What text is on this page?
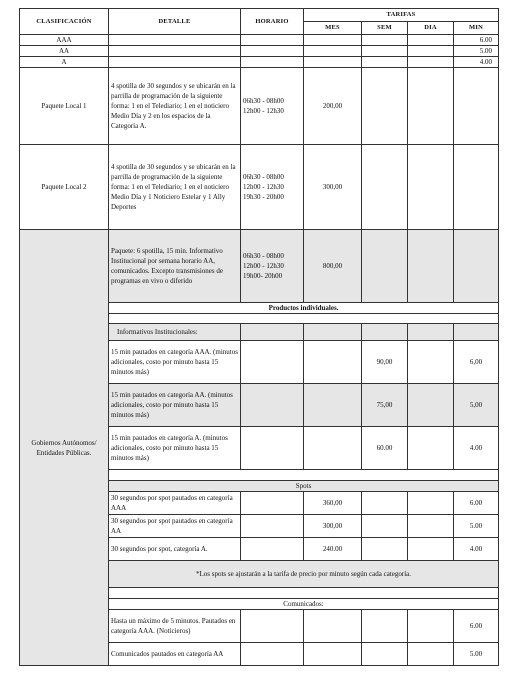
CLASIFICACIÓN	DETALLE	HORARIO	TARIFAS			
			MES	SEM	DIA	MIN
AAA						6.00
AA						5.00
A						4.00
Paquete Local 1	4 spotilla de 30 segundos y se ubicarán en la parrilla de programación de la siguiente forma: 1 en el Telediario; 1 en el noticiero Medio Día y 2 en los espacios de la Categoría A.	06h30 - 08h00
12h00 - 12h30	200,00			
Paquete Local 2	4 spotilla de 30 segundos y se ubicarán en la parrilla de programación de la siguiente forma: 1 en el Telediario; 1 en el noticiero Medio Día y 1 Noticiero Estelar y 1 Ally Deportes	06h30 - 08h00
12h00 - 12h30
19h30 - 20h00	300,00			
Gobiernos Autónomos/ Entidades Públicas.	Paquete: 6 spotilla, 15 min. Informativo Institucional por semana horario AA, comunicados. Excepto transmisiones de programas en vivo o diferido	06h30 - 08h00
12h00 - 12h30
19h00- 20h00	800,00			
	Productos individuales.					

	Informativos Institucionales:					
	15 min pautados en categoría AAA. (minutos adicionales, costo por minuto hasta 15 minutos más)			90,00		6,00
	15 min pautados en categoría AA. (minutos adicionales, costo por minuto hasta 15 minutos más)			75,00		5,00
	15 min pautados en categoría A. (minutos adicionales, costo por minuto hasta 15 minutos más)			60.00		4.00

	Spots					
	30 segundos por spot pautados en categoría AAA		360,00			6.00
	30 segundos por spot pautados en categoría AA		300,00			5.00
	30 segundos por spot, categoría A.		240.00			4.00
	*Los spots se ajustarán a la tarifa de precio por minuto según cada categoría.					

	Comunicados:					
	Hasta un máximo de 5 minutos. Pautados en categoría AAA. (Noticieros)					6.00
	Comunicados pautados en categoría AA					5.00
